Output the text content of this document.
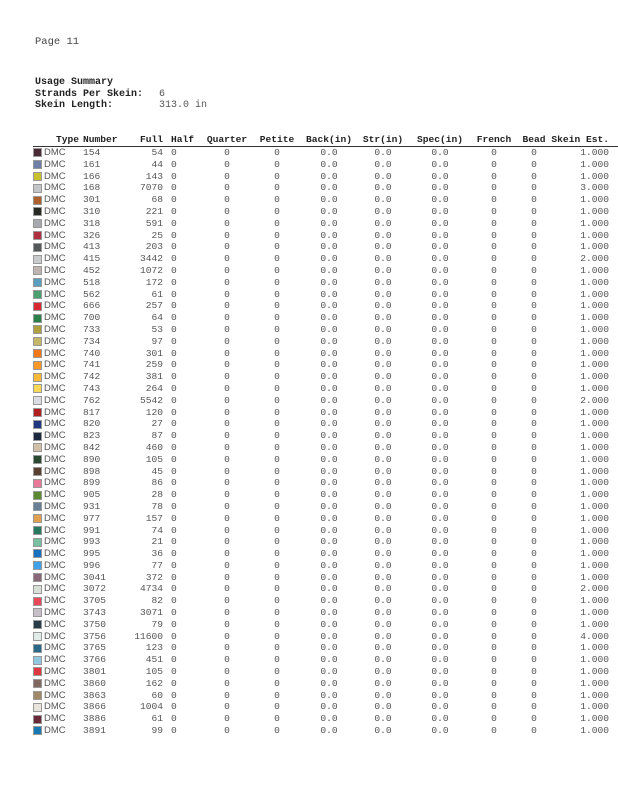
Page 11
Usage Summary
Strands Per Skein:	6
Skein Length:	313.0 in
Type	Number	Full	Half	Quarter	Petite	Back(in)	Str(in)	Spec(in)	French	Bead	Skein Est.

DMC	154	54	0	0	0	0.0	0.0	0.0	0	0	1.000

DMC	161	44	0	0	0	0.0	0.0	0.0	0	0	1.000

DMC	166	143	0	0	0	0.0	0.0	0.0	0	0	1.000

DMC	168	7070	0	0	0	0.0	0.0	0.0	0	0	3.000

DMC	301	68	0	0	0	0.0	0.0	0.0	0	0	1.000

DMC	310	221	0	0	0	0.0	0.0	0.0	0	0	1.000

DMC	318	591	0	0	0	0.0	0.0	0.0	0	0	1.000

DMC	326	25	0	0	0	0.0	0.0	0.0	0	0	1.000

DMC	413	203	0	0	0	0.0	0.0	0.0	0	0	1.000

DMC	415	3442	0	0	0	0.0	0.0	0.0	0	0	2.000

DMC	452	1072	0	0	0	0.0	0.0	0.0	0	0	1.000

DMC	518	172	0	0	0	0.0	0.0	0.0	0	0	1.000

DMC	562	61	0	0	0	0.0	0.0	0.0	0	0	1.000

DMC	666	257	0	0	0	0.0	0.0	0.0	0	0	1.000

DMC	700	64	0	0	0	0.0	0.0	0.0	0	0	1.000

DMC	733	53	0	0	0	0.0	0.0	0.0	0	0	1.000

DMC	734	97	0	0	0	0.0	0.0	0.0	0	0	1.000

DMC	740	301	0	0	0	0.0	0.0	0.0	0	0	1.000

DMC	741	259	0	0	0	0.0	0.0	0.0	0	0	1.000

DMC	742	381	0	0	0	0.0	0.0	0.0	0	0	1.000

DMC	743	264	0	0	0	0.0	0.0	0.0	0	0	1.000

DMC	762	5542	0	0	0	0.0	0.0	0.0	0	0	2.000

DMC	817	120	0	0	0	0.0	0.0	0.0	0	0	1.000

DMC	820	27	0	0	0	0.0	0.0	0.0	0	0	1.000

DMC	823	87	0	0	0	0.0	0.0	0.0	0	0	1.000

DMC	842	460	0	0	0	0.0	0.0	0.0	0	0	1.000

DMC	890	105	0	0	0	0.0	0.0	0.0	0	0	1.000

DMC	898	45	0	0	0	0.0	0.0	0.0	0	0	1.000

DMC	899	86	0	0	0	0.0	0.0	0.0	0	0	1.000

DMC	905	28	0	0	0	0.0	0.0	0.0	0	0	1.000

DMC	931	78	0	0	0	0.0	0.0	0.0	0	0	1.000

DMC	977	157	0	0	0	0.0	0.0	0.0	0	0	1.000

DMC	991	74	0	0	0	0.0	0.0	0.0	0	0	1.000

DMC	993	21	0	0	0	0.0	0.0	0.0	0	0	1.000

DMC	995	36	0	0	0	0.0	0.0	0.0	0	0	1.000

DMC	996	77	0	0	0	0.0	0.0	0.0	0	0	1.000

DMC	3041	372	0	0	0	0.0	0.0	0.0	0	0	1.000

DMC	3072	4734	0	0	0	0.0	0.0	0.0	0	0	2.000

DMC	3705	82	0	0	0	0.0	0.0	0.0	0	0	1.000

DMC	3743	3071	0	0	0	0.0	0.0	0.0	0	0	1.000

DMC	3750	79	0	0	0	0.0	0.0	0.0	0	0	1.000

DMC	3756	11600	0	0	0	0.0	0.0	0.0	0	0	4.000

DMC	3765	123	0	0	0	0.0	0.0	0.0	0	0	1.000

DMC	3766	451	0	0	0	0.0	0.0	0.0	0	0	1.000

DMC	3801	105	0	0	0	0.0	0.0	0.0	0	0	1.000

DMC	3860	162	0	0	0	0.0	0.0	0.0	0	0	1.000

DMC	3863	60	0	0	0	0.0	0.0	0.0	0	0	1.000

DMC	3866	1004	0	0	0	0.0	0.0	0.0	0	0	1.000

DMC	3886	61	0	0	0	0.0	0.0	0.0	0	0	1.000

DMC	3891	99	0	0	0	0.0	0.0	0.0	0	0	1.000
